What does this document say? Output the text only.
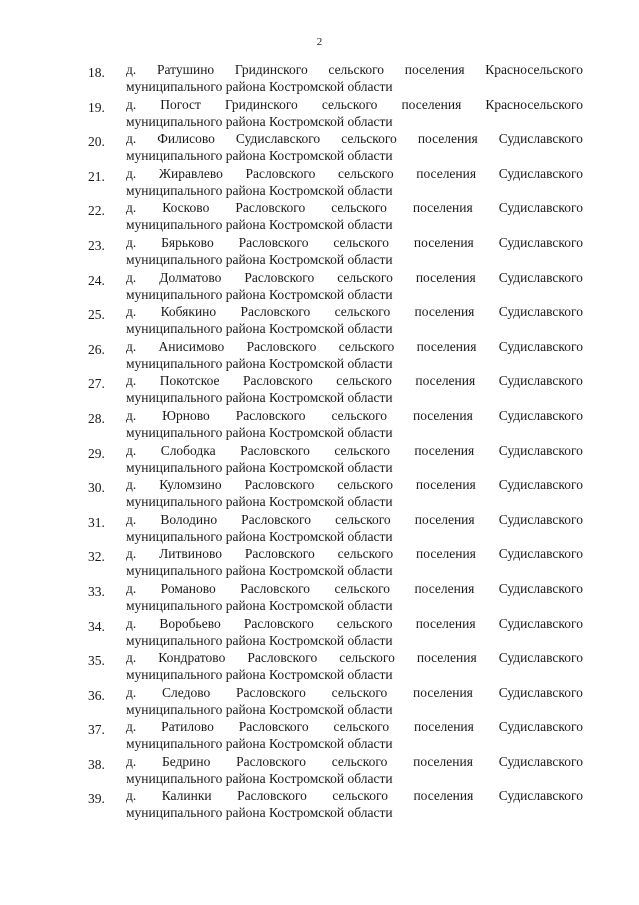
2
18.	д. Ратушино Гридинского сельского поселения Красносельского
муниципального района Костромской области
19.	д. Погост Гридинского сельского поселения Красносельского
муниципального района Костромской области
20.	д. Филисово Судиславского сельского поселения Судиславского
муниципального района Костромской области
21.	д. Жиравлево Расловского сельского поселения Судиславского
муниципального района Костромской области
22.	д. Косково Расловского сельского поселения Судиславского
муниципального района Костромской области
23.	д. Бярьково Расловского сельского поселения Судиславского
муниципального района Костромской области
24.	д. Долматово Расловского сельского поселения Судиславского
муниципального района Костромской области
25.	д. Кобякино Расловского сельского поселения Судиславского
муниципального района Костромской области
26.	д. Анисимово Расловского сельского поселения Судиславского
муниципального района Костромской области
27.	д. Покотское Расловского сельского поселения Судиславского
муниципального района Костромской области
28.	д. Юрново Расловского сельского поселения Судиславского
муниципального района Костромской области
29.	д. Слободка Расловского сельского поселения Судиславского
муниципального района Костромской области
30.	д. Куломзино Расловского сельского поселения Судиславского
муниципального района Костромской области
31.	д. Володино Расловского сельского поселения Судиславского
муниципального района Костромской области
32.	д. Литвиново Расловского сельского поселения Судиславского
муниципального района Костромской области
33.	д. Романово Расловского сельского поселения Судиславского
муниципального района Костромской области
34.	д. Воробьево Расловского сельского поселения Судиславского
муниципального района Костромской области
35.	д. Кондратово Расловского сельского поселения Судиславского
муниципального района Костромской области
36.	д. Следово Расловского сельского поселения Судиславского
муниципального района Костромской области
37.	д. Ратилово Расловского сельского поселения Судиславского
муниципального района Костромской области
38.	д. Бедрино Расловского сельского поселения Судиславского
муниципального района Костромской области
39.	д. Калинки Расловского сельского поселения Судиславского
муниципального района Костромской области
